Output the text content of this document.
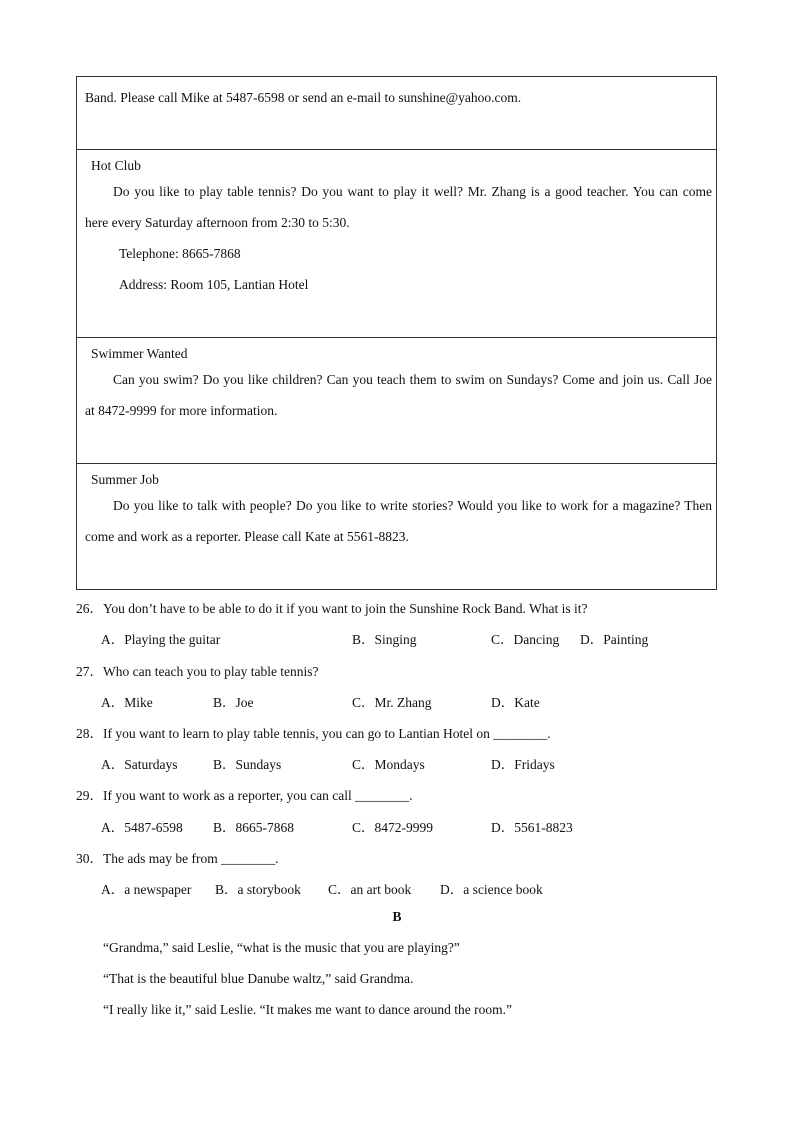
Band. Please call Mike at 5487-6598 or send an e-mail to sunshine@yahoo.com.
Hot Club
Do you like to play table tennis? Do you want to play it well? Mr. Zhang is a good teacher. You can come
here every Saturday afternoon from 2:30 to 5:30.
Telephone: 8665-7868
Address: Room 105, Lantian Hotel
Swimmer Wanted
Can you swim? Do you like children? Can you teach them to swim on Sundays? Come and join us. Call Joe
at 8472-9999 for more information.
Summer Job
Do you like to talk with people? Do you like to write stories? Would you like to work for a magazine? Then
come and work as a reporter. Please call Kate at 5561-8823.
26．You don’t have to be able to do it if you want to join the Sunshine Rock Band. What is it?
A．Playing the guitar	B．Singing	C．Dancing D．Painting
27．Who can teach you to play table tennis?
A．Mike	B．Joe	C．Mr. Zhang	D．Kate
28．If you want to learn to play table tennis, you can go to Lantian Hotel on ________.
A．Saturdays	B．Sundays	C．Mondays	D．Fridays
29．If you want to work as a reporter, you can call ________.
A．5487-6598 B．8665-7868	C．8472-9999	D．5561-8823
30．The ads may be from ________.
A．a newspaper B．a storybook C．an art book D．a science book
B
“Grandma,” said Leslie, “what is the music that you are playing?”
“That is the beautiful blue Danube waltz,” said Grandma.
“I really like it,” said Leslie. “It makes me want to dance around the room.”
